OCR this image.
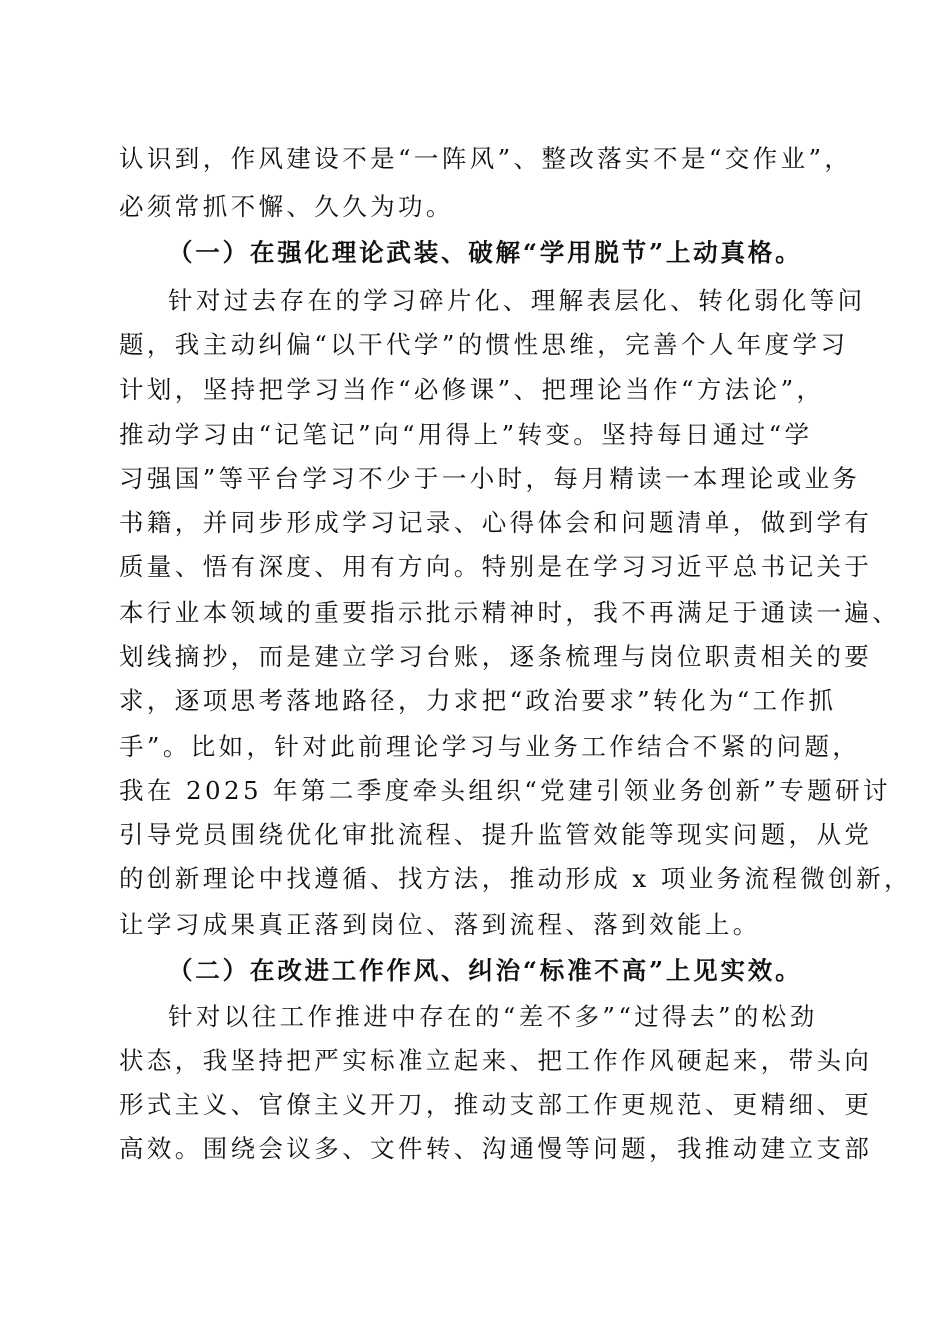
认识到，作风建设不是“一阵风”、整改落实不是“交作业”，
必须常抓不懈、久久为功。
（一）在强化理论武装、破解“学用脱节”上动真格。
针对过去存在的学习碎片化、理解表层化、转化弱化等问
题，我主动纠偏“以干代学”的惯性思维，完善个人年度学习
计划，坚持把学习当作“必修课”、把理论当作“方法论”，
推动学习由“记笔记”向“用得上”转变。坚持每日通过“学
习强国”等平台学习不少于一小时，每月精读一本理论或业务
书籍，并同步形成学习记录、心得体会和问题清单，做到学有
质量、悟有深度、用有方向。特别是在学习习近平总书记关于
本行业本领域的重要指示批示精神时，我不再满足于通读一遍、
划线摘抄，而是建立学习台账，逐条梳理与岗位职责相关的要
求，逐项思考落地路径，力求把“政治要求”转化为“工作抓
手”。比如，针对此前理论学习与业务工作结合不紧的问题，
我在 2025 年第二季度牵头组织“党建引领业务创新”专题研讨
引导党员围绕优化审批流程、提升监管效能等现实问题，从党
的创新理论中找遵循、找方法，推动形成 x 项业务流程微创新，
让学习成果真正落到岗位、落到流程、落到效能上。
（二）在改进工作作风、纠治“标准不高”上见实效。
针对以往工作推进中存在的“差不多”“过得去”的松劲
状态，我坚持把严实标准立起来、把工作作风硬起来，带头向
形式主义、官僚主义开刀，推动支部工作更规范、更精细、更
高效。围绕会议多、文件转、沟通慢等问题，我推动建立支部
